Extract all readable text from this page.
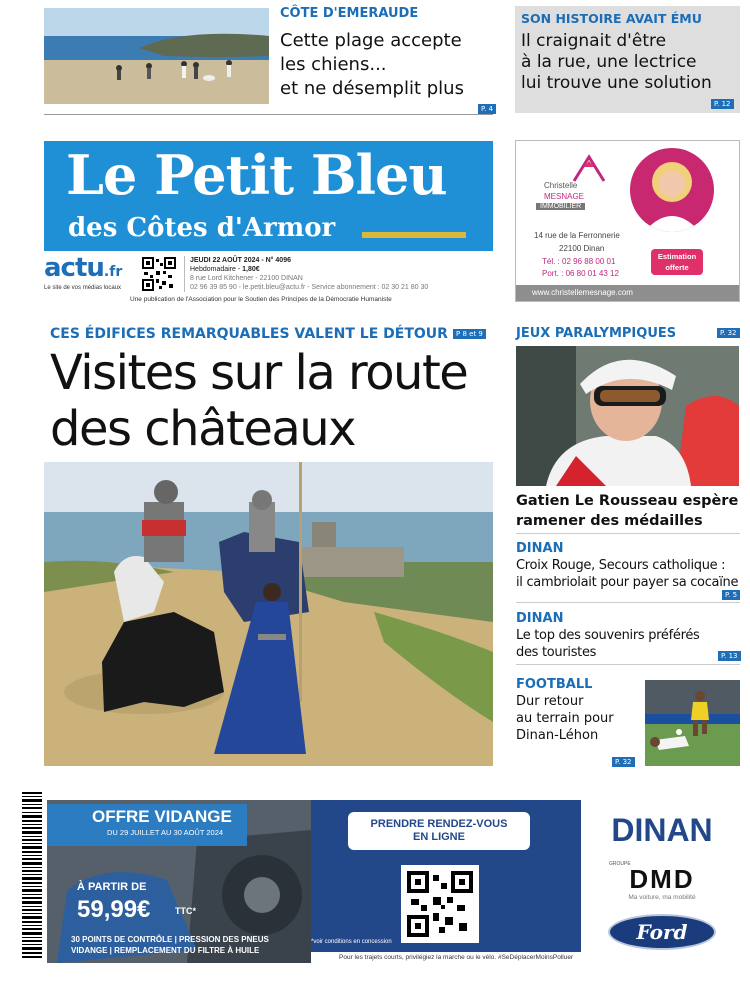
CÔTE D'EMERAUDE
Cette plage accepte
les chiens...
et ne désemplit plus
P. 4
SON HISTOIRE AVAIT ÉMU
Il craignait d'être
à la rue, une lectrice
lui trouve une solution
P. 12
Le Petit Bleu
des Côtes d'Armor
actu.fr
Le site de vos médias locaux
JEUDI 22 AOÛT 2024 - N° 4096
Hebdomadaire - 1,80€
8 rue Lord Kitchener - 22100 DINAN
02 96 39 85 90 - le.petit.bleu@actu.fr - Service abonnement : 02 30 21 80 30
Une publication de l'Association pour le Soutien des Principes de la Démocratie Humaniste
Christelle
MESNAGE
IMMOBILIER
14 rue de la Ferronnerie
22100 Dinan
Tél. : 02 96 88 00 01
Port. : 06 80 01 43 12
Estimation
offerte
www.christellemesnage.com
CES ÉDIFICES REMARQUABLES VALENT LE DÉTOUR	P 8 et 9
Visites sur la route
des châteaux
JEUX PARALYMPIQUES	P. 32
Gatien Le Rousseau espère
ramener des médailles
DINAN
Croix Rouge, Secours catholique :
il cambriolait pour payer sa cocaïne
P. 5
DINAN
Le top des souvenirs préférés
des touristes	P. 13
FOOTBALL
Dur retour
au terrain pour
Dinan-Léhon
P. 32
OFFRE VIDANGE
DU 29 JUILLET AU 30 AOÛT 2024
À PARTIR DE
59,99€	TTC*
30 POINTS DE CONTRÔLE | PRESSION DES PNEUS
VIDANGE | REMPLACEMENT DU FILTRE À HUILE
PRENDRE RENDEZ-VOUS
EN LIGNE
*voir conditions en concession
DINAN
GROUPE
DMD
Ma voiture, ma mobilité
Ford
Pour les trajets courts, privilégiez la marche ou le vélo. #SeDéplacerMoinsPolluer
